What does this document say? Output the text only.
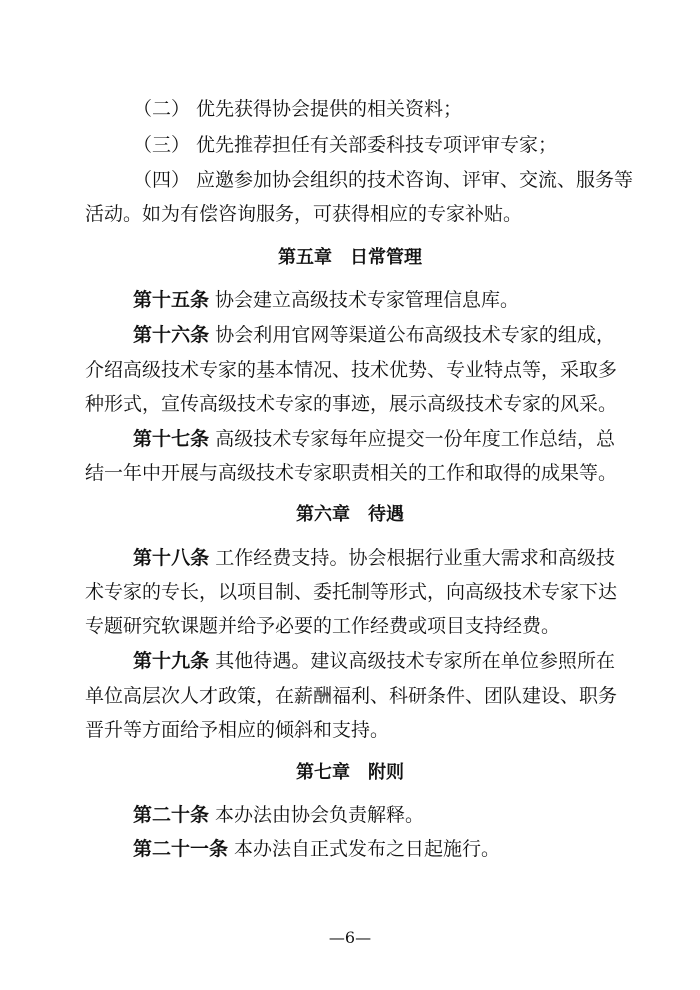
（二） 优先获得协会提供的相关资料；
（三） 优先推荐担任有关部委科技专项评审专家；
（四） 应邀参加协会组织的技术咨询、评审、交流、服务等
活动。如为有偿咨询服务，可获得相应的专家补贴。
第五章　日常管理
第十五条 协会建立高级技术专家管理信息库。
第十六条 协会利用官网等渠道公布高级技术专家的组成，
介绍高级技术专家的基本情况、技术优势、专业特点等，采取多
种形式，宣传高级技术专家的事迹，展示高级技术专家的风采。
第十七条 高级技术专家每年应提交一份年度工作总结，总
结一年中开展与高级技术专家职责相关的工作和取得的成果等。
第六章　待遇
第十八条 工作经费支持。协会根据行业重大需求和高级技
术专家的专长，以项目制、委托制等形式，向高级技术专家下达
专题研究软课题并给予必要的工作经费或项目支持经费。
第十九条 其他待遇。建议高级技术专家所在单位参照所在
单位高层次人才政策，在薪酬福利、科研条件、团队建设、职务
晋升等方面给予相应的倾斜和支持。
第七章　附则
第二十条 本办法由协会负责解释。
第二十一条 本办法自正式发布之日起施行。
—6—
